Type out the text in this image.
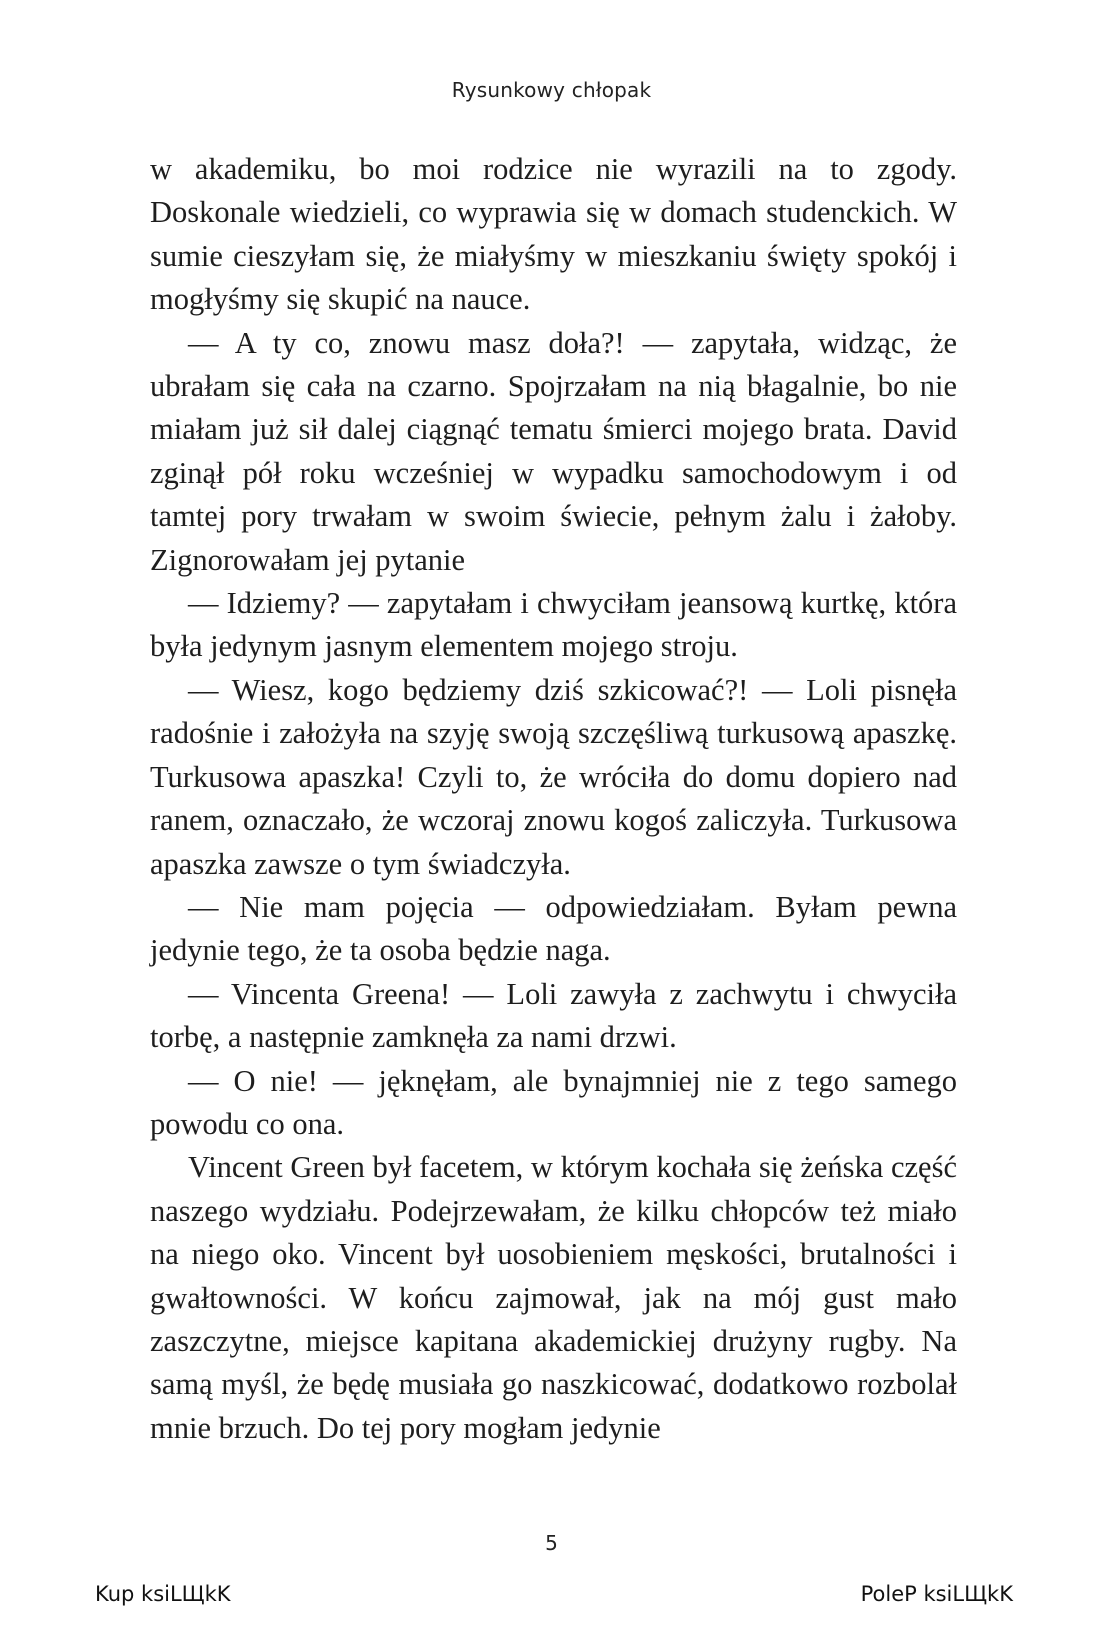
Rysunkowy chłopak

w akademiku, bo moi rodzice nie wyrazili na to zgody. Doskonale wiedzieli, co wyprawia się w domach studenckich. W sumie cieszyłam się, że miałyśmy w mieszkaniu święty spokój i mogłyśmy się skupić na nauce.

— A ty co, znowu masz doła?! — zapytała, widząc, że ubrałam się cała na czarno. Spojrzałam na nią błagalnie, bo nie miałam już sił dalej ciągnąć tematu śmierci mojego brata. David zginął pół roku wcześniej w wypadku samochodowym i od tamtej pory trwałam w swoim świecie, pełnym żalu i żałoby. Zignorowałam jej pytanie

— Idziemy? — zapytałam i chwyciłam jeansową kurtkę, która była jedynym jasnym elementem mojego stroju.

— Wiesz, kogo będziemy dziś szkicować?! — Loli pisnęła radośnie i założyła na szyję swoją szczęśliwą turkusową apaszkę. Turkusowa apaszka! Czyli to, że wróciła do domu dopiero nad ranem, oznaczało, że wczoraj znowu kogoś zaliczyła. Turkusowa apaszka zawsze o tym świadczyła.

— Nie mam pojęcia — odpowiedziałam. Byłam pewna jedynie tego, że ta osoba będzie naga.

— Vincenta Greena! — Loli zawyła z zachwytu i chwyciła torbę, a następnie zamknęła za nami drzwi.

— O nie! — jęknęłam, ale bynajmniej nie z tego samego powodu co ona.

Vincent Green był facetem, w którym kochała się żeńska część naszego wydziału. Podejrzewałam, że kilku chłopców też miało na niego oko. Vincent był uosobieniem męskości, brutalności i gwałtowności. W końcu zajmował, jak na mój gust mało zaszczytne, miejsce kapitana akademickiej drużyny rugby. Na samą myśl, że będę musiała go naszkicować, dodatkowo rozbolał mnie brzuch. Do tej pory mogłam jedynie

5
Kup ksiLЩkK	PoleP ksiLЩkK
